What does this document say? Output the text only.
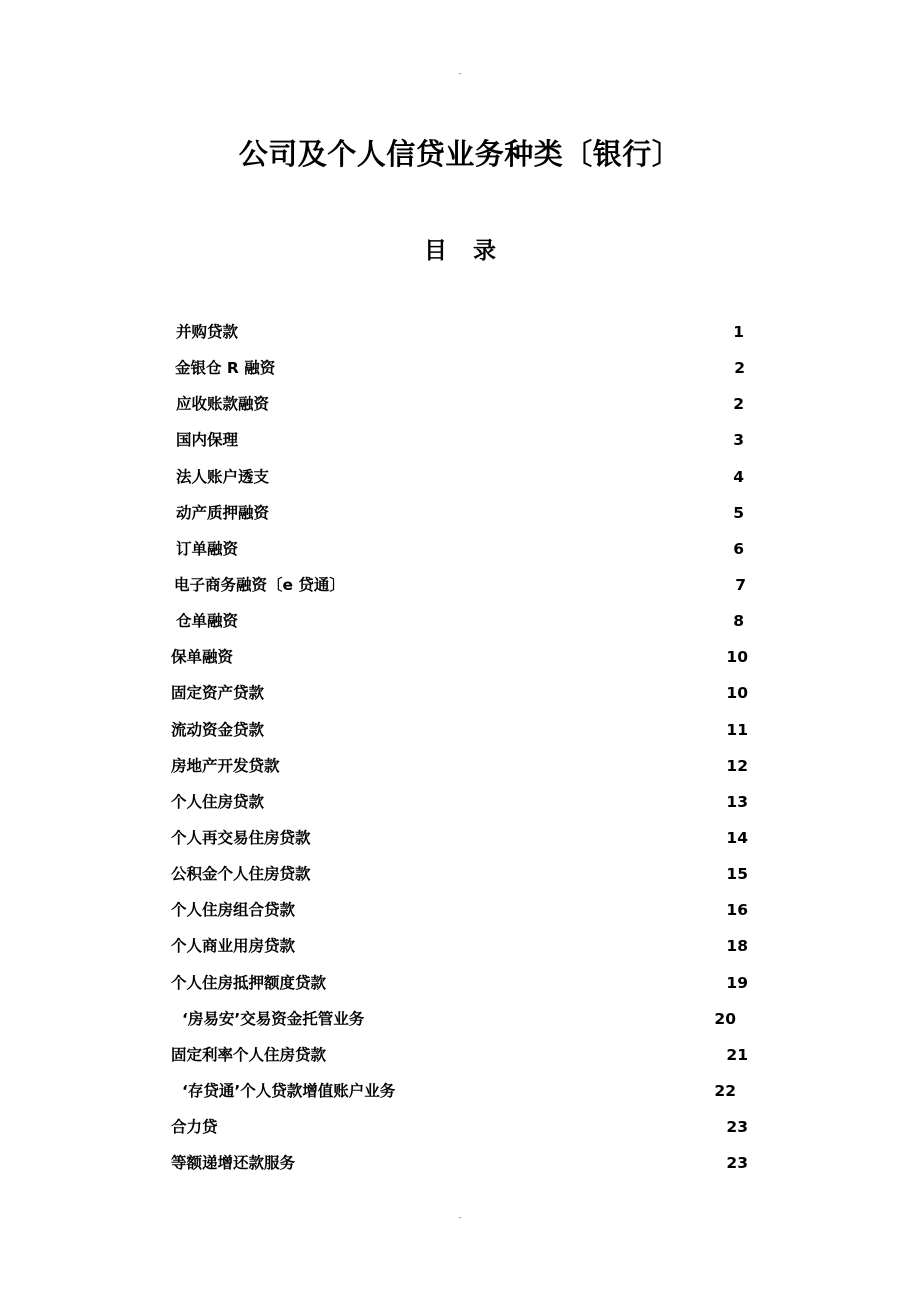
-
公司及个人信贷业务种类〔银行〕
目录
并购贷款	1
金银仓 R 融资	2
应收账款融资	2
国内保理	3
法人账户透支	4
动产质押融资	5
订单融资	6
电子商务融资〔e 贷通〕	7
仓单融资	8
保单融资	10
固定资产贷款	10
流动资金贷款	11
房地产开发贷款	12
个人住房贷款	13
个人再交易住房贷款	14
公积金个人住房贷款	15
个人住房组合贷款	16
个人商业用房贷款	18
个人住房抵押额度贷款	19
‘房易安’交易资金托管业务	20
固定利率个人住房贷款	21
‘存贷通’个人贷款增值账户业务	22
合力贷	23
等额递增还款服务	23
-
